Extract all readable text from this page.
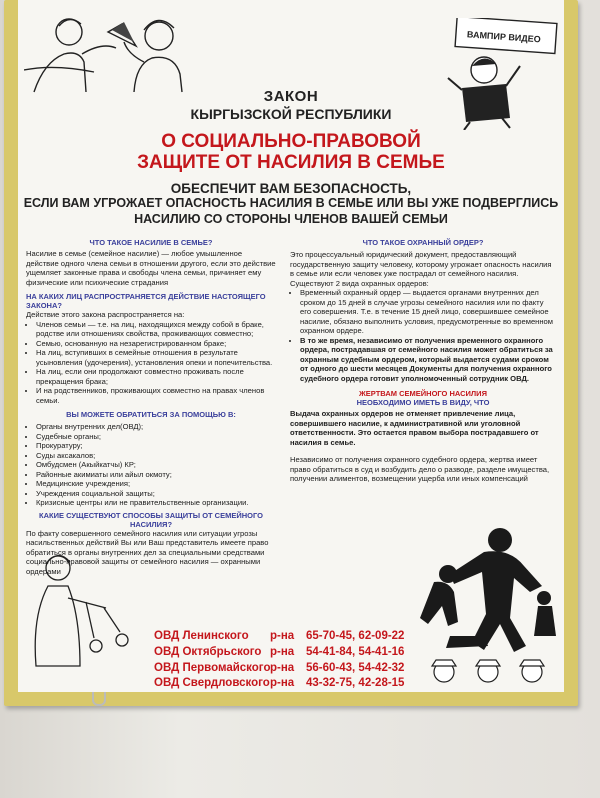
ВАМПИР ВИДЕО
ЗАКОН
КЫРГЫЗСКОЙ РЕСПУБЛИКИ
О СОЦИАЛЬНО-ПРАВОВОЙ
ЗАЩИТЕ ОТ НАСИЛИЯ В СЕМЬЕ
ОБЕСПЕЧИТ ВАМ БЕЗОПАСНОСТЬ,
ЕСЛИ ВАМ УГРОЖАЕТ ОПАСНОСТЬ НАСИЛИЯ В СЕМЬЕ ИЛИ ВЫ УЖЕ ПОДВЕРГЛИСЬ
НАСИЛИЮ СО СТОРОНЫ ЧЛЕНОВ ВАШЕЙ СЕМЬИ
ЧТО ТАКОЕ НАСИЛИЕ В СЕМЬЕ?
Насилие в семье (семейное насилие) — любое умышленное действие одного члена семьи в отношении другого, если это действие ущемляет законные права и свободы члена семьи, причиняет ему физические или психические страдания
НА КАКИХ ЛИЦ РАСПРОСТРАНЯЕТСЯ ДЕЙСТВИЕ НАСТОЯЩЕГО ЗАКОНА?
Действие этого закона распространяется на:
• Членов семьи — т.е. на лиц, находящихся между собой в браке, родстве или отношениях свойства, проживающих совместно;
• Семью, основанную на незарегистрированном браке;
• На лиц, вступивших в семейные отношения в результате усыновления (удочерения), установления опеки и попечительства.
• На лиц, если они продолжают совместно проживать после прекращения брака;
• И на родственников, проживающих совместно на правах членов семьи.
ВЫ МОЖЕТЕ ОБРАТИТЬСЯ ЗА ПОМОЩЬЮ В:
• Органы внутренних дел(ОВД);
• Судебные органы;
• Прокуратуру;
• Суды аксакалов;
• Омбудсмен (Акыйкатчы) КР;
• Районные акимиаты или айыл окмоту;
• Медицинские учреждения;
• Учреждения социальной защиты;
• Кризисные центры или не правительственные организации.
КАКИЕ СУЩЕСТВУЮТ СПОСОБЫ ЗАЩИТЫ ОТ СЕМЕЙНОГО НАСИЛИЯ?
По факту совершенного семейного насилия или ситуации угрозы насильственных действий Вы или Ваш представитель имеете право обратиться в органы внутренних дел за специальными средствами социально-правовой защиты от семейного насилия — охранными ордерами
ЧТО ТАКОЕ ОХРАННЫЙ ОРДЕР?
Это процессуальный юридический документ, предоставляющий государственную защиту человеку, которому угрожает опасность насилия в семье или если человек уже пострадал от семейного насилия.
Существуют 2 вида охранных ордеров:
• Временный охранный ордер — выдается органами внутренних дел сроком до 15 дней в случае угрозы семейного насилия или по факту его совершения. Т.е. в течение 15 дней лицо, совершившее семейное насилие, обязано выполнить условия, предусмотренные во временном охранном ордере.
• В то же время, независимо от получения временного охранного ордера, пострадавшая от семейного насилия может обратиться за охранным судебным ордером, который выдается судами сроком от одного до шести месяцев Документы для получения охранного судебного ордера готовит уполномоченный сотрудник ОВД.
ЖЕРТВАМ СЕМЕЙНОГО НАСИЛИЯ
НЕОБХОДИМО ИМЕТЬ В ВИДУ, ЧТО
Выдача охранных ордеров не отменяет привлечение лица, совершившего насилие, к административной или уголовной ответственности. Это остается правом выбора пострадавшего от насилия в семье.
Независимо от получения охранного судебного ордера, жертва имеет право обратиться в суд и возбудить дело о разводе, разделе имущества, получении алиментов, возмещении ущерба или иных компенсаций
ОВД Ленинского р-на 65-70-45, 62-09-22
ОВД Октябрьского р-на 54-41-84, 54-41-16
ОВД Первомайскогор-на 56-60-43, 54-42-32
ОВД Свердловскогор-на 43-32-75, 42-28-15
